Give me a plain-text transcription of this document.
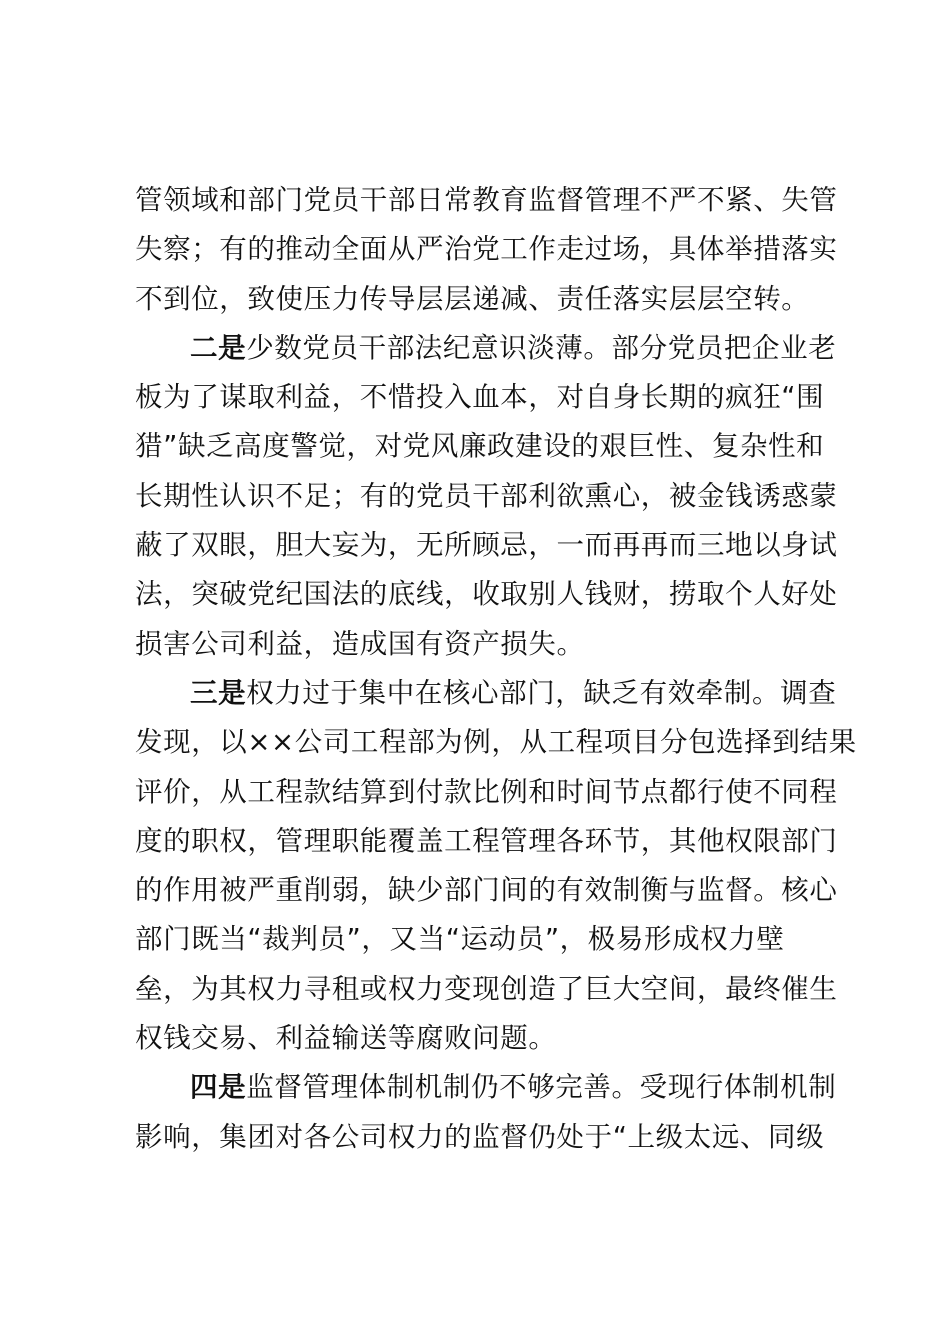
管领域和部门党员干部日常教育监督管理不严不紧、失管
失察；有的推动全面从严治党工作走过场，具体举措落实
不到位，致使压力传导层层递减、责任落实层层空转。
二是少数党员干部法纪意识淡薄。部分党员把企业老
板为了谋取利益，不惜投入血本，对自身长期的疯狂“围
猎”缺乏高度警觉，对党风廉政建设的艰巨性、复杂性和
长期性认识不足；有的党员干部利欲熏心，被金钱诱惑蒙
蔽了双眼，胆大妄为，无所顾忌，一而再再而三地以身试
法，突破党纪国法的底线，收取别人钱财，捞取个人好处
损害公司利益，造成国有资产损失。
三是权力过于集中在核心部门，缺乏有效牵制。调查
发现，以××公司工程部为例，从工程项目分包选择到结果
评价，从工程款结算到付款比例和时间节点都行使不同程
度的职权，管理职能覆盖工程管理各环节，其他权限部门
的作用被严重削弱，缺少部门间的有效制衡与监督。核心
部门既当“裁判员”，又当“运动员”，极易形成权力壁
垒，为其权力寻租或权力变现创造了巨大空间，最终催生
权钱交易、利益输送等腐败问题。
四是监督管理体制机制仍不够完善。受现行体制机制
影响，集团对各公司权力的监督仍处于“上级太远、同级
